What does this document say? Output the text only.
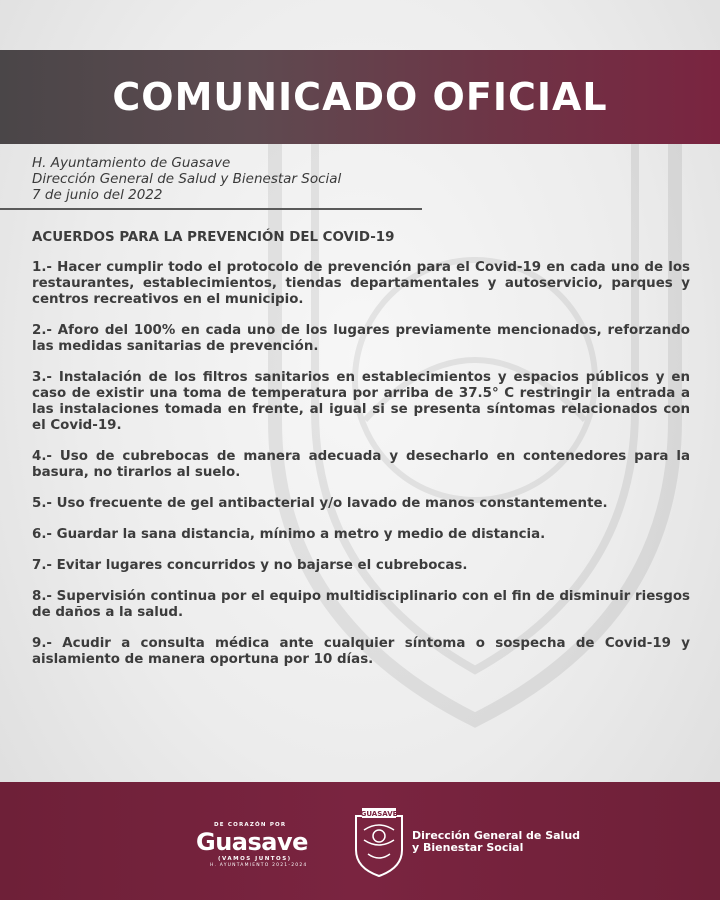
COMUNICADO OFICIAL
H. Ayuntamiento de Guasave
Dirección General de Salud y Bienestar Social
7 de junio del 2022
ACUERDOS PARA LA PREVENCIÓN DEL COVID-19
1.- Hacer cumplir todo el protocolo de prevención para el Covid-19 en cada uno de los restaurantes, establecimientos, tiendas departamentales y autoservicio, parques y centros recreativos en el municipio.
2.- Aforo del 100% en cada uno de los lugares previamente mencionados, reforzando las medidas sanitarias de prevención.
3.- Instalación de los filtros sanitarios en establecimientos y espacios públicos y en caso de existir una toma de temperatura por arriba de 37.5° C restringir la entrada a las instalaciones tomada en frente, al igual si se presenta síntomas relacionados con el Covid-19.
4.- Uso de cubrebocas de manera adecuada y desecharlo en contenedores para la basura, no tirarlos al suelo.
5.- Uso frecuente de gel antibacterial y/o lavado de manos constantemente.
6.- Guardar la sana distancia, mínimo a metro y medio de distancia.
7.- Evitar lugares concurridos y no bajarse el cubrebocas.
8.- Supervisión continua por el equipo multidisciplinario con el fin de disminuir riesgos de daños a la salud.
9.- Acudir a consulta médica ante cualquier síntoma o sospecha de Covid-19 y aislamiento de manera oportuna por 10 días.
DE CORAZÓN POR
Guasave
(VAMOS JUNTOS)
H. AYUNTAMIENTO 2021-2024
GUASAVE
Dirección General de Salud
y Bienestar Social
